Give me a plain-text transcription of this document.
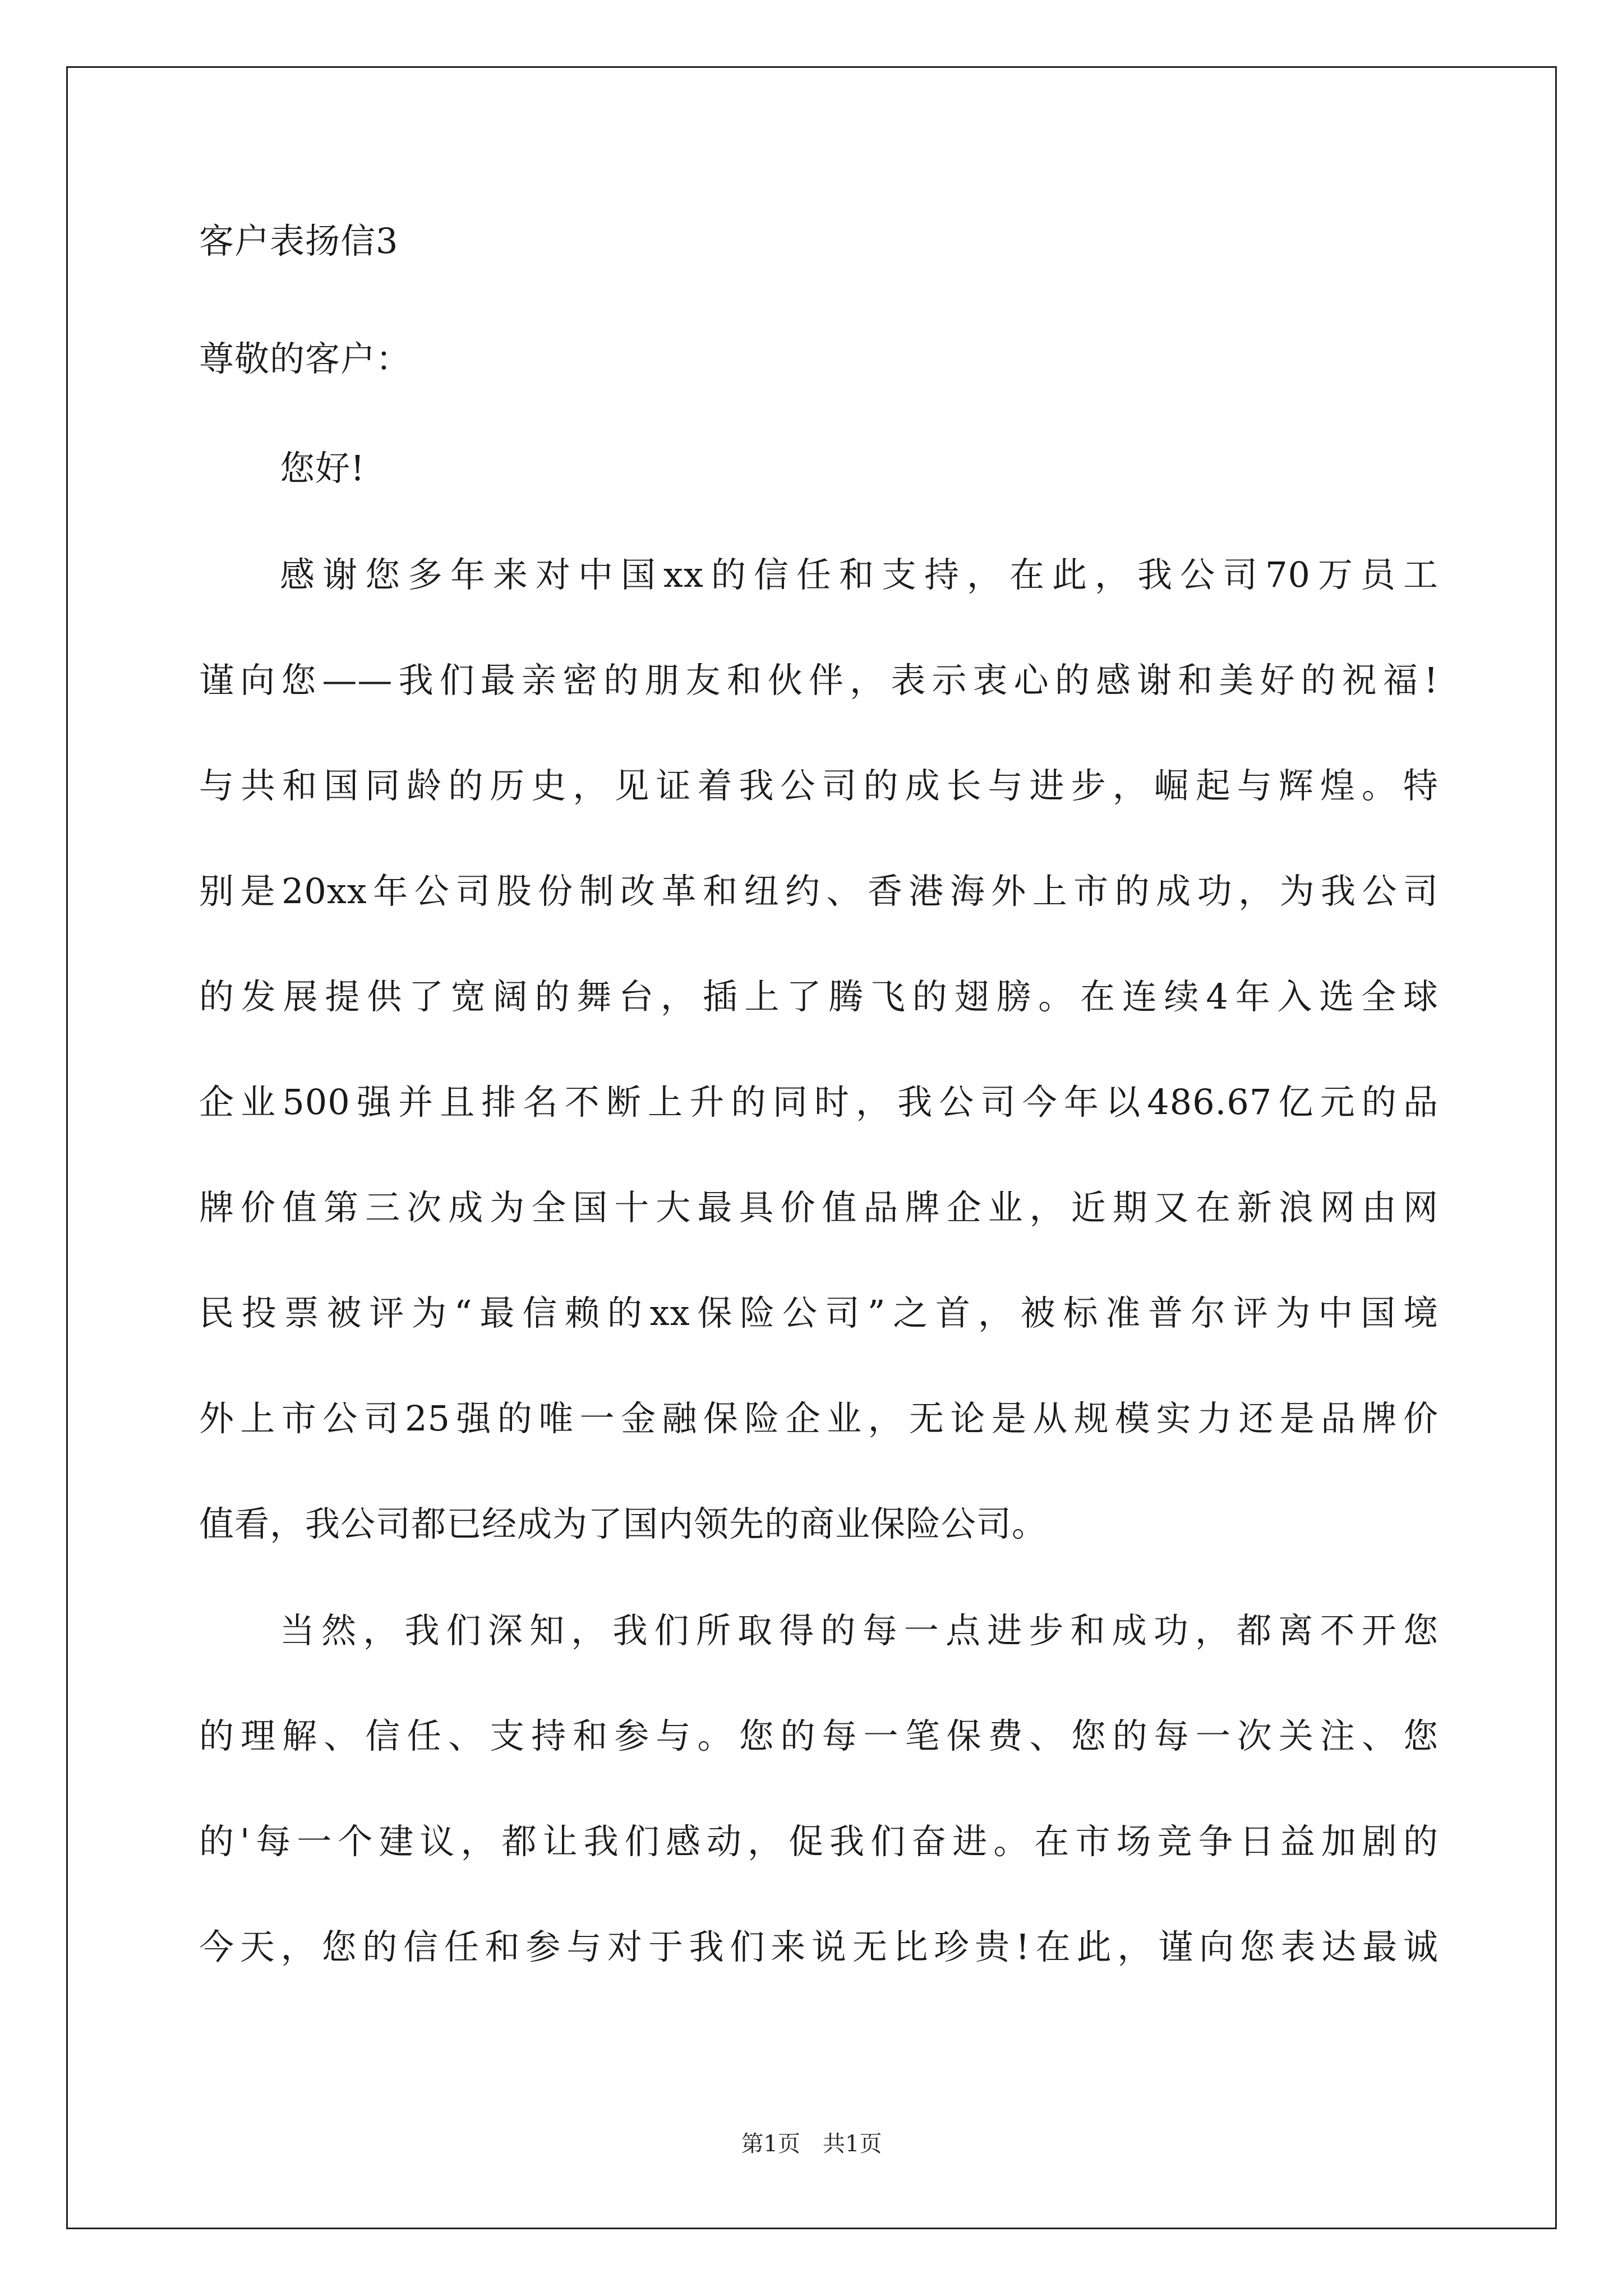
客户表扬信3
尊敬的客户：
您好!
感谢您多年来对中国xx的信任和支持，在此，我公司70万员工
谨向您——我们最亲密的朋友和伙伴，表示衷心的感谢和美好的祝福!
与共和国同龄的历史，见证着我公司的成长与进步，崛起与辉煌。特
别是20xx年公司股份制改革和纽约、香港海外上市的成功，为我公司
的发展提供了宽阔的舞台，插上了腾飞的翅膀。在连续4年入选全球
企业500强并且排名不断上升的同时，我公司今年以486.67亿元的品
牌价值第三次成为全国十大最具价值品牌企业，近期又在新浪网由网
民投票被评为“最信赖的xx保险公司”之首，被标准普尔评为中国境
外上市公司25强的唯一金融保险企业，无论是从规模实力还是品牌价
值看，我公司都已经成为了国内领先的商业保险公司。
当然，我们深知，我们所取得的每一点进步和成功，都离不开您
的理解、信任、支持和参与。您的每一笔保费、您的每一次关注、您
的'每一个建议，都让我们感动，促我们奋进。在市场竞争日益加剧的
今天，您的信任和参与对于我们来说无比珍贵!在此，谨向您表达最诚
第1页　共1页
